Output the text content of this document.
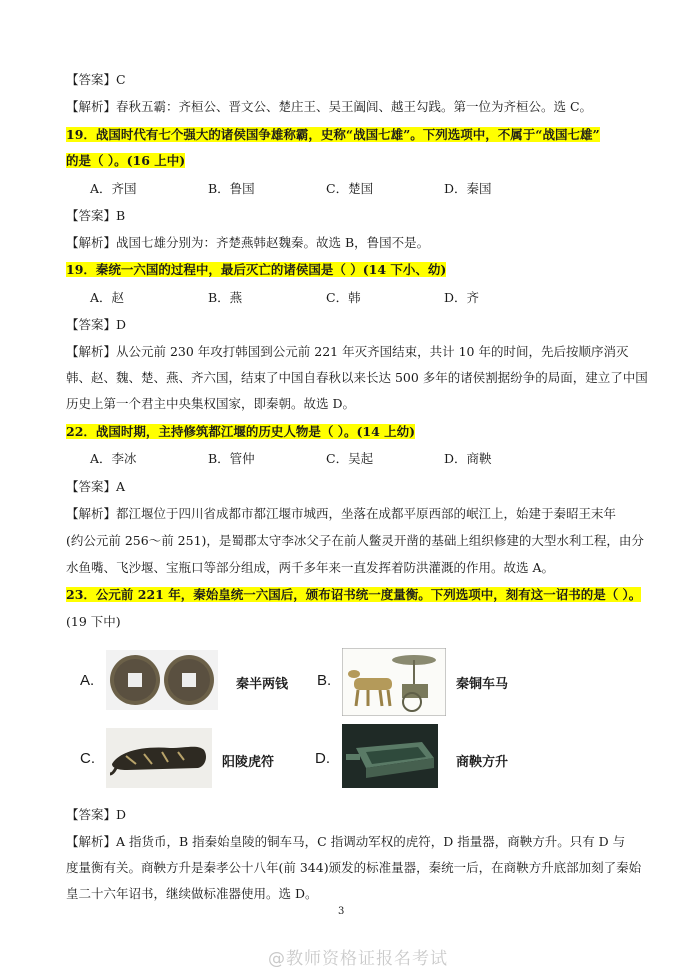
【答案】C
【解析】春秋五霸：齐桓公、晋文公、楚庄王、吴王阖闾、越王勾践。第一位为齐桓公。选 C。
19．战国时代有七个强大的诸侯国争雄称霸，史称“战国七雄”。下列选项中，不属于“战国七雄”
的是（ ）。(16 上中)
A．齐国	B．鲁国	C．楚国	D．秦国
【答案】B
【解析】战国七雄分别为：齐楚燕韩赵魏秦。故选 B，鲁国不是。
19．秦统一六国的过程中，最后灭亡的诸侯国是（ ）(14 下小、幼)
A．赵	B．燕	C．韩	D．齐
【答案】D
【解析】从公元前 230 年攻打韩国到公元前 221 年灭齐国结束，共计 10 年的时间，先后按顺序消灭
韩、赵、魏、楚、燕、齐六国，结束了中国自春秋以来长达 500 多年的诸侯割据纷争的局面，建立了中国
历史上第一个君主中央集权国家，即秦朝。故选 D。
22．战国时期，主持修筑都江堰的历史人物是（ ）。(14 上幼)
A．李冰	B．管仲	C．吴起	D．商鞅
【答案】A
【解析】都江堰位于四川省成都市都江堰市城西，坐落在成都平原西部的岷江上，始建于秦昭王末年
(约公元前 256～前 251)，是蜀郡太守李冰父子在前人鳖灵开凿的基础上组织修建的大型水利工程，由分
水鱼嘴、飞沙堰、宝瓶口等部分组成，两千多年来一直发挥着防洪灌溉的作用。故选 A。
23．公元前 221 年，秦始皇统一六国后，颁布诏书统一度量衡。下列选项中，刻有这一诏书的是（ ）。
(19 下中)
A.	秦半两钱 B.	秦铜车马
C.	阳陵虎符	D.	商鞅方升
【答案】D
【解析】A 指货币，B 指秦始皇陵的铜车马，C 指调动军权的虎符，D 指量器，商鞅方升。只有 D 与
度量衡有关。商鞅方升是秦孝公十八年(前 344)颁发的标准量器，秦统一后，在商鞅方升底部加刻了秦始
皇二十六年诏书，继续做标准器使用。选 D。
3
@教师资格证报名考试
